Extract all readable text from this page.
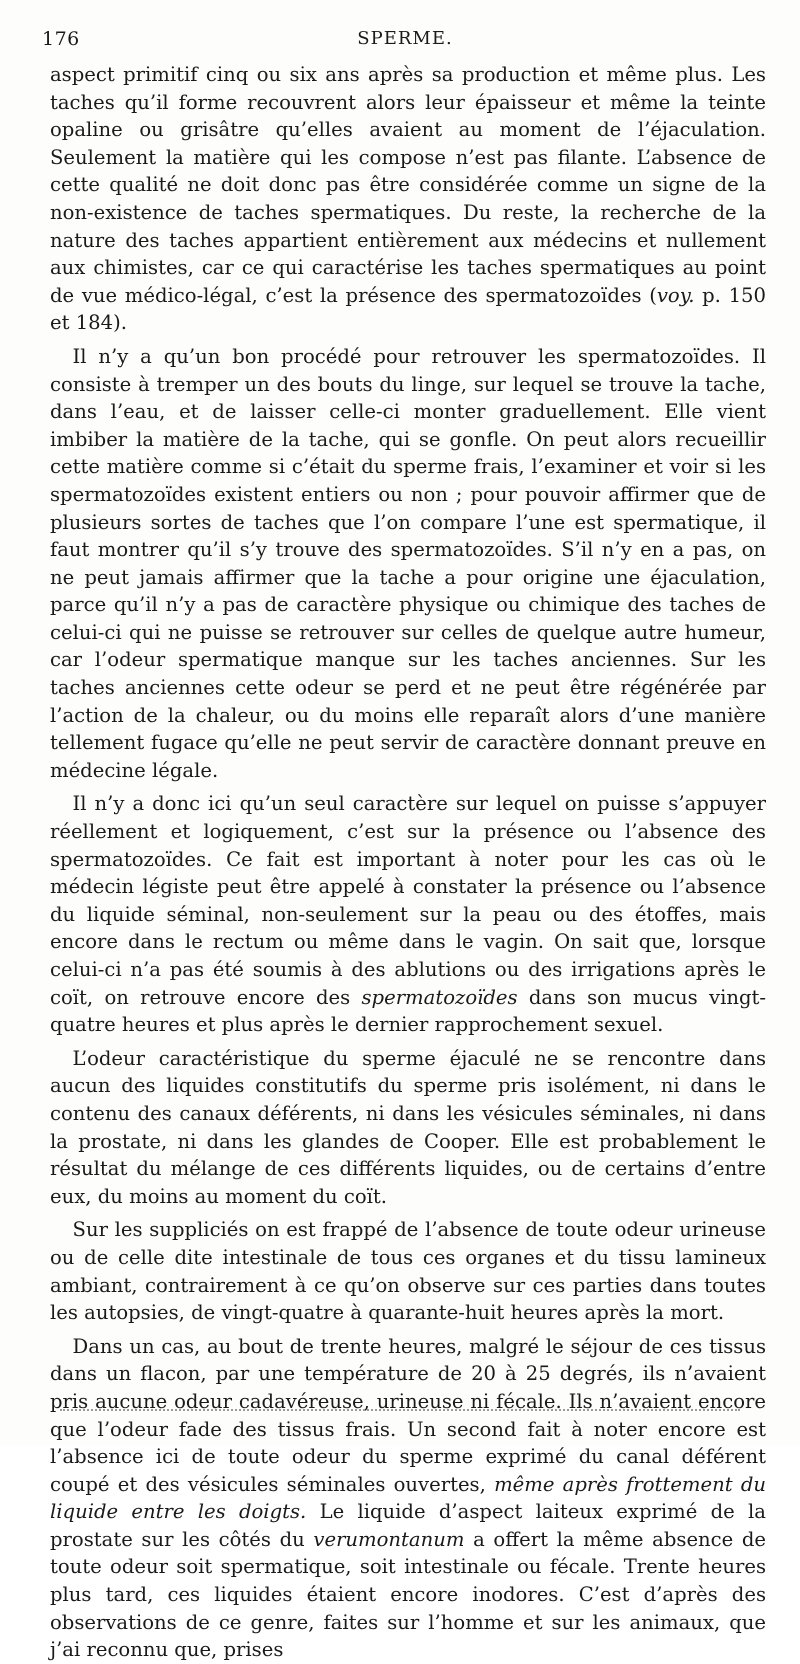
176	SPERME.

aspect primitif cinq ou six ans après sa production et même plus. Les taches qu’il forme recouvrent alors leur épaisseur et même la teinte opaline ou grisâtre qu’elles avaient au moment de l’éjaculation. Seulement la matière qui les compose n’est pas filante. L’absence de cette qualité ne doit donc pas être considérée comme un signe de la non-existence de taches spermatiques. Du reste, la recherche de la nature des taches appartient entièrement aux médecins et nullement aux chimistes, car ce qui caractérise les taches spermatiques au point de vue médico-légal, c’est la présence des spermatozoïdes (voy. p. 150 et 184).

Il n’y a qu’un bon procédé pour retrouver les spermatozoïdes. Il consiste à tremper un des bouts du linge, sur lequel se trouve la tache, dans l’eau, et de laisser celle-ci monter graduellement. Elle vient imbiber la matière de la tache, qui se gonfle. On peut alors recueillir cette matière comme si c’était du sperme frais, l’examiner et voir si les spermatozoïdes existent entiers ou non ; pour pouvoir affirmer que de plusieurs sortes de taches que l’on compare l’une est spermatique, il faut montrer qu’il s’y trouve des spermatozoïdes. S’il n’y en a pas, on ne peut jamais affirmer que la tache a pour origine une éjaculation, parce qu’il n’y a pas de caractère physique ou chimique des taches de celui-ci qui ne puisse se retrouver sur celles de quelque autre humeur, car l’odeur spermatique manque sur les taches anciennes. Sur les taches anciennes cette odeur se perd et ne peut être régénérée par l’action de la chaleur, ou du moins elle reparaît alors d’une manière tellement fugace qu’elle ne peut servir de caractère donnant preuve en médecine légale.

Il n’y a donc ici qu’un seul caractère sur lequel on puisse s’appuyer réellement et logiquement, c’est sur la présence ou l’absence des spermatozoïdes. Ce fait est important à noter pour les cas où le médecin légiste peut être appelé à constater la présence ou l’absence du liquide séminal, non-seulement sur la peau ou des étoffes, mais encore dans le rectum ou même dans le vagin. On sait que, lorsque celui-ci n’a pas été soumis à des ablutions ou des irrigations après le coït, on retrouve encore des spermatozoïdes dans son mucus vingt-quatre heures et plus après le dernier rapprochement sexuel.

L’odeur caractéristique du sperme éjaculé ne se rencontre dans aucun des liquides constitutifs du sperme pris isolément, ni dans le contenu des canaux déférents, ni dans les vésicules séminales, ni dans la prostate, ni dans les glandes de Cooper. Elle est probablement le résultat du mélange de ces différents liquides, ou de certains d’entre eux, du moins au moment du coït.

Sur les suppliciés on est frappé de l’absence de toute odeur urineuse ou de celle dite intestinale de tous ces organes et du tissu lamineux ambiant, contrairement à ce qu’on observe sur ces parties dans toutes les autopsies, de vingt-quatre à quarante-huit heures après la mort.

Dans un cas, au bout de trente heures, malgré le séjour de ces tissus dans un flacon, par une température de 20 à 25 degrés, ils n’avaient pris aucune odeur cadavéreuse, urineuse ni fécale. Ils n’avaient encore que l’odeur fade des tissus frais. Un second fait à noter encore est l’absence ici de toute odeur du sperme exprimé du canal déférent coupé et des vésicules séminales ouvertes, même après frottement du liquide entre les doigts. Le liquide d’aspect laiteux exprimé de la prostate sur les côtés du verumontanum a offert la même absence de toute odeur soit spermatique, soit intestinale ou fécale. Trente heures plus tard, ces liquides étaient encore inodores. C’est d’après des observations de ce genre, faites sur l’homme et sur les animaux, que j’ai reconnu que, prises
